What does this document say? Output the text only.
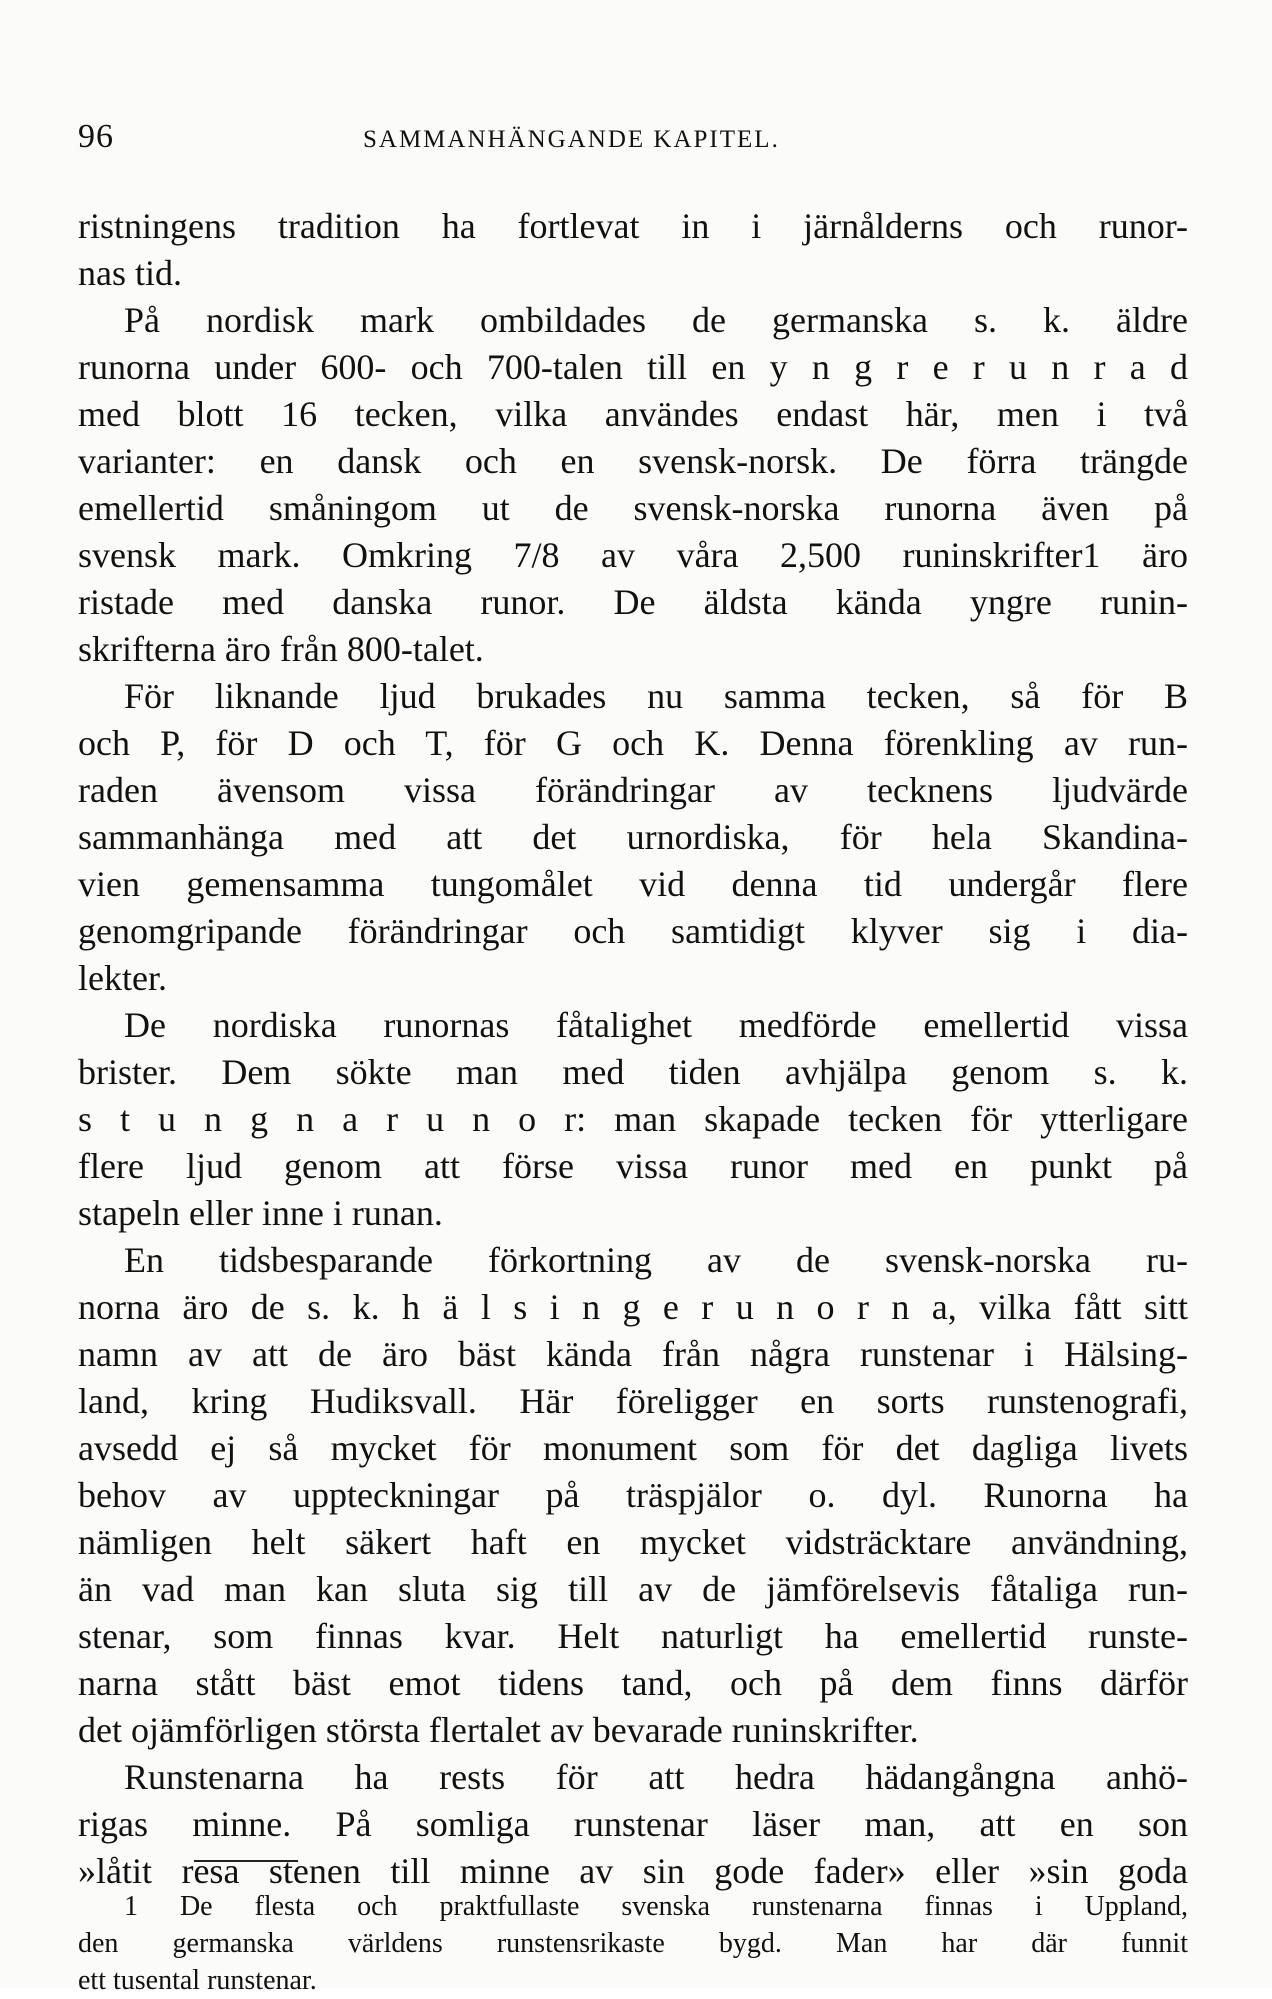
96	SAMMANHÄNGANDE KAPITEL.
ristningens tradition ha fortlevat in i järnålderns och runor-
nas tid.
På nordisk mark ombildades de germanska s. k. äldre
runorna under 600- och 700-talen till en y n g r e r u n r a d
med blott 16 tecken, vilka användes endast här, men i två
varianter: en dansk och en svensk-norsk. De förra trängde
emellertid småningom ut de svensk-norska runorna även på
svensk mark. Omkring 7/8 av våra 2,500 runinskrifter1 äro
ristade med danska runor. De äldsta kända yngre runin-
skrifterna äro från 800-talet.
För liknande ljud brukades nu samma tecken, så för B
och P, för D och T, för G och K. Denna förenkling av run-
raden ävensom vissa förändringar av tecknens ljudvärde
sammanhänga med att det urnordiska, för hela Skandina-
vien gemensamma tungomålet vid denna tid undergår flere
genomgripande förändringar och samtidigt klyver sig i dia-
lekter.
De nordiska runornas fåtalighet medförde emellertid vissa
brister. Dem sökte man med tiden avhjälpa genom s. k.
s t u n g n a r u n o r: man skapade tecken för ytterligare
flere ljud genom att förse vissa runor med en punkt på
stapeln eller inne i runan.
En tidsbesparande förkortning av de svensk-norska ru-
norna äro de s. k. h ä l s i n g e r u n o r n a, vilka fått sitt
namn av att de äro bäst kända från några runstenar i Hälsing-
land, kring Hudiksvall. Här föreligger en sorts runstenografi,
avsedd ej så mycket för monument som för det dagliga livets
behov av uppteckningar på träspjälor o. dyl. Runorna ha
nämligen helt säkert haft en mycket vidsträcktare användning,
än vad man kan sluta sig till av de jämförelsevis fåtaliga run-
stenar, som finnas kvar. Helt naturligt ha emellertid runste-
narna stått bäst emot tidens tand, och på dem finns därför
det ojämförligen största flertalet av bevarade runinskrifter.
Runstenarna ha rests för att hedra hädangångna anhö-
rigas minne. På somliga runstenar läser man, att en son
»låtit resa stenen till minne av sin gode fader» eller »sin goda
1 De flesta och praktfullaste svenska runstenarna finnas i Uppland,
den germanska världens runstensrikaste bygd. Man har där funnit
ett tusental runstenar.
